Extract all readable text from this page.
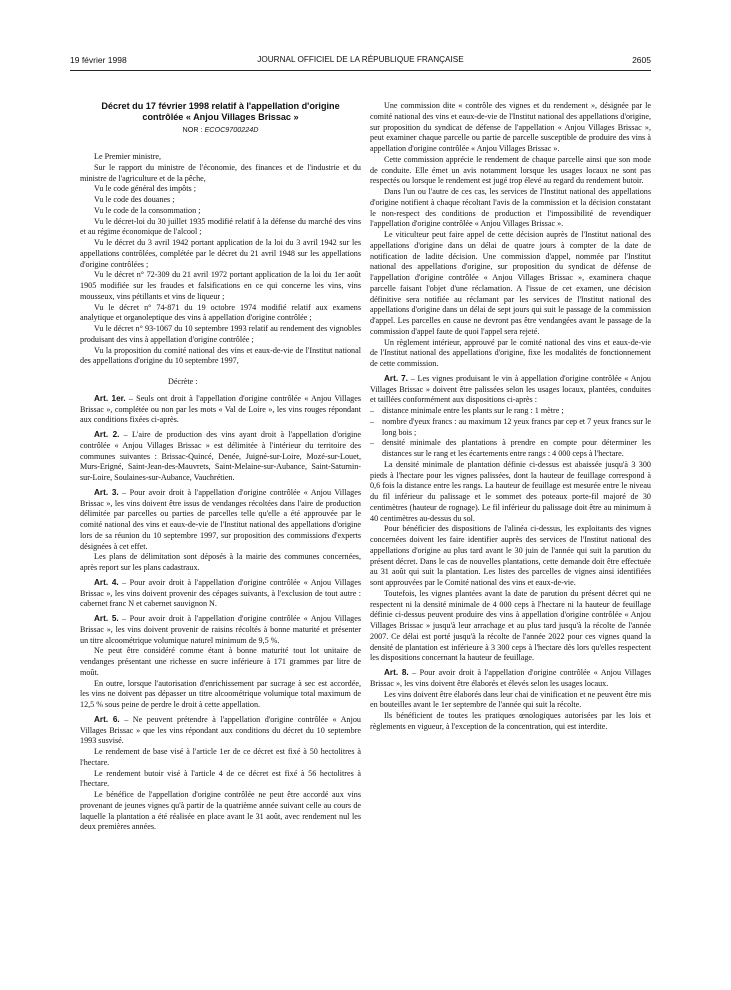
19 février 1998	JOURNAL OFFICIEL DE LA RÉPUBLIQUE FRANÇAISE	2605

Décret du 17 février 1998 relatif à l'appellation d'origine contrôlée « Anjou Villages Brissac »

NOR : ECOC9700224D

Le Premier ministre,

Sur le rapport du ministre de l'économie, des finances et de l'industrie et du ministre de l'agriculture et de la pêche,

Vu le code général des impôts ;

Vu le code des douanes ;

Vu le code de la consommation ;

Vu le décret-loi du 30 juillet 1935 modifié relatif à la défense du marché des vins et au régime économique de l'alcool ;

Vu le décret du 3 avril 1942 portant application de la loi du 3 avril 1942 sur les appellations contrôlées, complétée par le décret du 21 avril 1948 sur les appellations d'origine contrôlées ;

Vu le décret n° 72-309 du 21 avril 1972 portant application de la loi du 1er août 1905 modifiée sur les fraudes et falsifications en ce qui concerne les vins, vins mousseux, vins pétillants et vins de liqueur ;

Vu le décret n° 74-871 du 19 octobre 1974 modifié relatif aux examens analytique et organoleptique des vins à appellation d'origine contrôlée ;

Vu le décret n° 93-1067 du 10 septembre 1993 relatif au rendement des vignobles produisant des vins à appellation d'origine contrôlée ;

Vu la proposition du comité national des vins et eaux-de-vie de l'Institut national des appellations d'origine du 10 septembre 1997,

Décrète :

Art. 1er. – Seuls ont droit à l'appellation d'origine contrôlée « Anjou Villages Brissac », complétée ou non par les mots « Val de Loire », les vins rouges répondant aux conditions fixées ci-après.

Art. 2. – L'aire de production des vins ayant droit à l'appellation d'origine contrôlée « Anjou Villages Brissac » est délimitée à l'intérieur du territoire des communes suivantes : Brissac-Quincé, Denée, Juigné-sur-Loire, Mozé-sur-Louet, Murs-Erigné, Saint-Jean-des-Mauvrets, Saint-Melaine-sur-Aubance, Saint-Saturnin-sur-Loire, Soulaines-sur-Aubance, Vauchrétien.

Art. 3. – Pour avoir droit à l'appellation d'origine contrôlée « Anjou Villages Brissac », les vins doivent être issus de vendanges récoltées dans l'aire de production délimitée par parcelles ou parties de parcelles telle qu'elle a été approuvée par le comité national des vins et eaux-de-vie de l'Institut national des appellations d'origine lors de sa réunion du 10 septembre 1997, sur proposition des commissions d'experts désignées à cet effet.

Les plans de délimitation sont déposés à la mairie des communes concernées, après report sur les plans cadastraux.

Art. 4. – Pour avoir droit à l'appellation d'origine contrôlée « Anjou Villages Brissac », les vins doivent provenir des cépages suivants, à l'exclusion de tout autre : cabernet franc N et cabernet sauvignon N.

Art. 5. – Pour avoir droit à l'appellation d'origine contrôlée « Anjou Villages Brissac », les vins doivent provenir de raisins récoltés à bonne maturité et présenter un titre alcoométrique volumique naturel minimum de 9,5 %.

Ne peut être considéré comme étant à bonne maturité tout lot unitaire de vendanges présentant une richesse en sucre inférieure à 171 grammes par litre de moût.

En outre, lorsque l'autorisation d'enrichissement par sucrage à sec est accordée, les vins ne doivent pas dépasser un titre alcoométrique volumique total maximum de 12,5 % sous peine de perdre le droit à cette appellation.

Art. 6. – Ne peuvent prétendre à l'appellation d'origine contrôlée « Anjou Villages Brissac » que les vins répondant aux conditions du décret du 10 septembre 1993 susvisé.

Le rendement de base visé à l'article 1er de ce décret est fixé à 50 hectolitres à l'hectare.

Le rendement butoir visé à l'article 4 de ce décret est fixé à 56 hectolitres à l'hectare.

Le bénéfice de l'appellation d'origine contrôlée ne peut être accordé aux vins provenant de jeunes vignes qu'à partir de la quatrième année suivant celle au cours de laquelle la plantation a été réalisée en place avant le 31 août, avec rendement nul les deux premières années.

Une commission dite « contrôle des vignes et du rendement », désignée par le comité national des vins et eaux-de-vie de l'Institut national des appellations d'origine, sur proposition du syndicat de défense de l'appellation « Anjou Villages Brissac », peut examiner chaque parcelle ou partie de parcelle susceptible de produire des vins à appellation d'origine contrôlée « Anjou Villages Brissac ».

Cette commission apprécie le rendement de chaque parcelle ainsi que son mode de conduite. Elle émet un avis notamment lorsque les usages locaux ne sont pas respectés ou lorsque le rendement est jugé trop élevé au regard du rendement butoir.

Dans l'un ou l'autre de ces cas, les services de l'Institut national des appellations d'origine notifient à chaque récoltant l'avis de la commission et la décision constatant le non-respect des conditions de production et l'impossibilité de revendiquer l'appellation d'origine contrôlée « Anjou Villages Brissac ».

Le viticulteur peut faire appel de cette décision auprès de l'Institut national des appellations d'origine dans un délai de quatre jours à compter de la date de notification de ladite décision. Une commission d'appel, nommée par l'Institut national des appellations d'origine, sur proposition du syndicat de défense de l'appellation d'origine contrôlée « Anjou Villages Brissac », examinera chaque parcelle faisant l'objet d'une réclamation. A l'issue de cet examen, une décision définitive sera notifiée au réclamant par les services de l'Institut national des appellations d'origine dans un délai de sept jours qui suit le passage de la commission d'appel. Les parcelles en cause ne devront pas être vendangées avant le passage de la commission d'appel faute de quoi l'appel sera rejeté.

Un règlement intérieur, approuvé par le comité national des vins et eaux-de-vie de l'Institut national des appellations d'origine, fixe les modalités de fonctionnement de cette commission.

Art. 7. – Les vignes produisant le vin à appellation d'origine contrôlée « Anjou Villages Brissac » doivent être palissées selon les usages locaux, plantées, conduites et taillées conformément aux dispositions ci-après :

– distance minimale entre les plants sur le rang : 1 mètre ;
– nombre d'yeux francs : au maximum 12 yeux francs par cep et 7 yeux francs sur le long bois ;
– densité minimale des plantations à prendre en compte pour déterminer les distances sur le rang et les écartements entre rangs : 4 000 ceps à l'hectare.

La densité minimale de plantation définie ci-dessus est abaissée jusqu'à 3 300 pieds à l'hectare pour les vignes palissées, dont la hauteur de feuillage correspond à 0,6 fois la distance entre les rangs. La hauteur de feuillage est mesurée entre le niveau du fil inférieur du palissage et le sommet des poteaux porte-fil majoré de 30 centimètres (hauteur de rognage). Le fil inférieur du palissage doit être au minimum à 40 centimètres au-dessus du sol.

Pour bénéficier des dispositions de l'alinéa ci-dessus, les exploitants des vignes concernées doivent les faire identifier auprès des services de l'Institut national des appellations d'origine au plus tard avant le 30 juin de l'année qui suit la parution du présent décret. Dans le cas de nouvelles plantations, cette demande doit être effectuée au 31 août qui suit la plantation. Les listes des parcelles de vignes ainsi identifiées sont approuvées par le Comité national des vins et eaux-de-vie.

Toutefois, les vignes plantées avant la date de parution du présent décret qui ne respectent ni la densité minimale de 4 000 ceps à l'hectare ni la hauteur de feuillage définie ci-dessus peuvent produire des vins à appellation d'origine contrôlée « Anjou Villages Brissac » jusqu'à leur arrachage et au plus tard jusqu'à la récolte de l'année 2007. Ce délai est porté jusqu'à la récolte de l'année 2022 pour ces vignes quand la densité de plantation est inférieure à 3 300 ceps à l'hectare dès lors qu'elles respectent les dispositions concernant la hauteur de feuillage.

Art. 8. – Pour avoir droit à l'appellation d'origine contrôlée « Anjou Villages Brissac », les vins doivent être élaborés et élevés selon les usages locaux.

Les vins doivent être élaborés dans leur chai de vinification et ne peuvent être mis en bouteilles avant le 1er septembre de l'année qui suit la récolte.

Ils bénéficient de toutes les pratiques œnologiques autorisées par les lois et règlements en vigueur, à l'exception de la concentration, qui est interdite.
